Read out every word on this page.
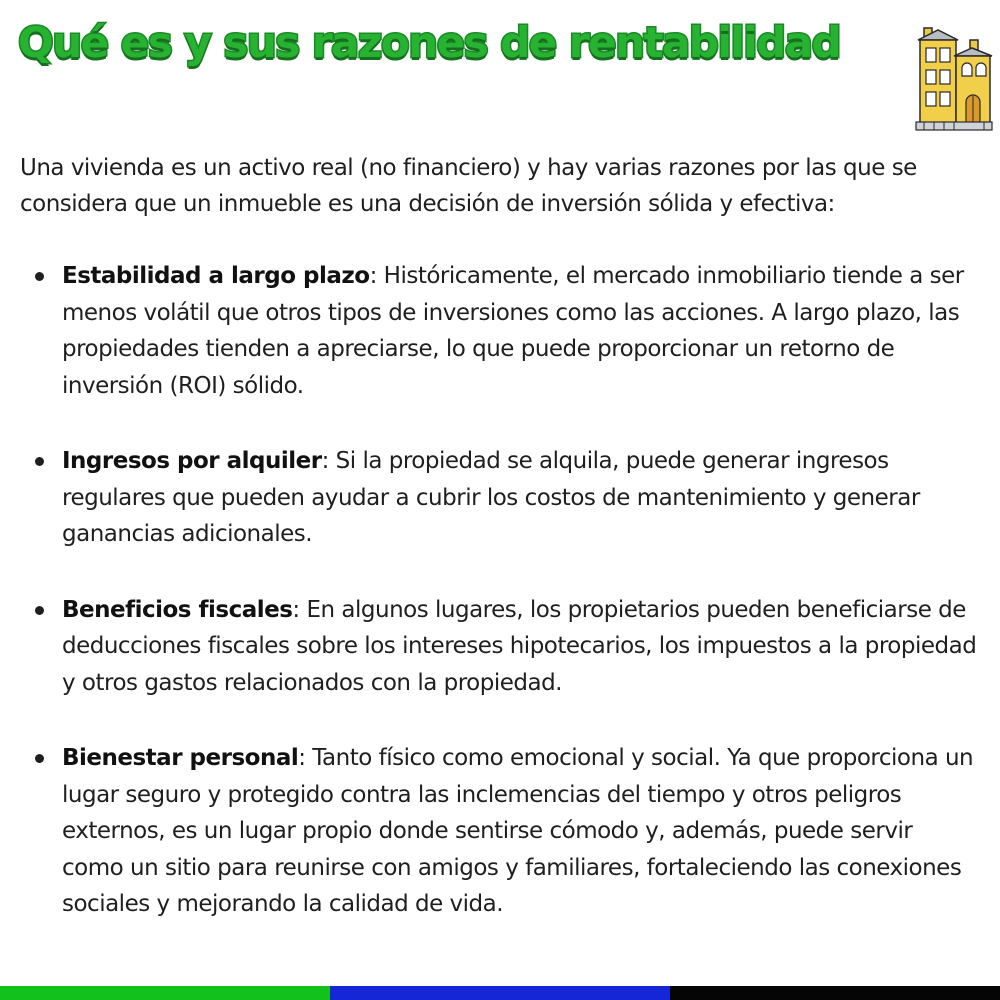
Qué es y sus razones de rentabilidad

Una vivienda es un activo real (no financiero) y hay varias razones por las que se considera que un inmueble es una decisión de inversión sólida y efectiva:

Estabilidad a largo plazo: Históricamente, el mercado inmobiliario tiende a ser menos volátil que otros tipos de inversiones como las acciones. A largo plazo, las propiedades tienden a apreciarse, lo que puede proporcionar un retorno de inversión (ROI) sólido.
Ingresos por alquiler: Si la propiedad se alquila, puede generar ingresos regulares que pueden ayudar a cubrir los costos de mantenimiento y generar ganancias adicionales.
Beneficios fiscales: En algunos lugares, los propietarios pueden beneficiarse de deducciones fiscales sobre los intereses hipotecarios, los impuestos a la propiedad y otros gastos relacionados con la propiedad.
Bienestar personal: Tanto físico como emocional y social. Ya que proporciona un lugar seguro y protegido contra las inclemencias del tiempo y otros peligros externos, es un lugar propio donde sentirse cómodo y, además, puede servir como un sitio para reunirse con amigos y familiares, fortaleciendo las conexiones sociales y mejorando la calidad de vida.
